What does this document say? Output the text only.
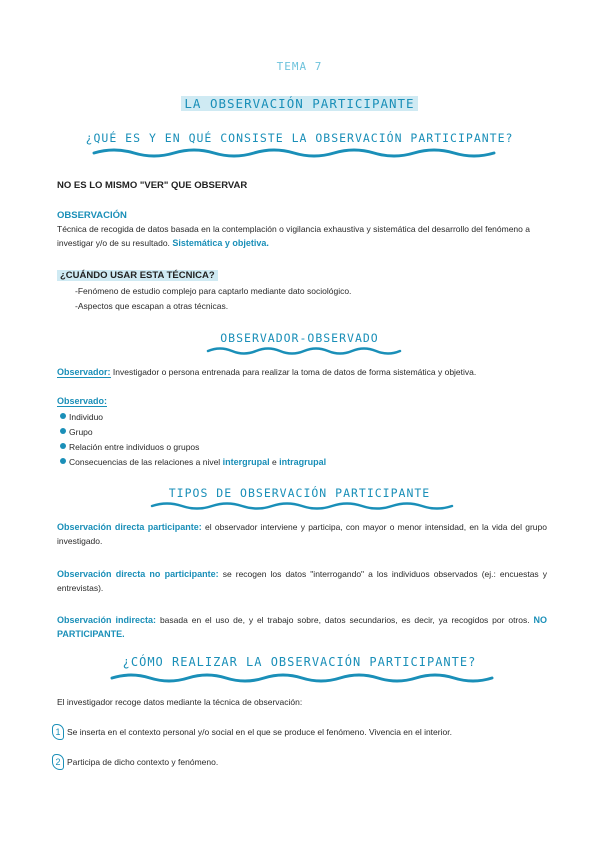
TEMA 7
LA OBSERVACIÓN PARTICIPANTE
¿QUÉ ES Y EN QUÉ CONSISTE LA OBSERVACIÓN PARTICIPANTE?
NO ES LO MISMO "VER" QUE OBSERVAR
OBSERVACIÓN
Técnica de recogida de datos basada en la contemplación o vigilancia exhaustiva y sistemática del desarrollo del fenómeno a investigar y/o de su resultado. Sistemática y objetiva.
¿CUÁNDO USAR ESTA TÉCNICA?
-Fenómeno de estudio complejo para captarlo mediante dato sociológico.
-Aspectos que escapan a otras técnicas.
OBSERVADOR-OBSERVADO
Observador: Investigador o persona entrenada para realizar la toma de datos de forma sistemática y objetiva.
Observado:
Individuo
Grupo
Relación entre individuos o grupos
Consecuencias de las relaciones a nivel intergrupal e intragrupal
TIPOS DE OBSERVACIÓN PARTICIPANTE
Observación directa participante: el observador interviene y participa, con mayor o menor intensidad, en la vida del grupo investigado.
Observación directa no participante: se recogen los datos "interrogando" a los individuos observados (ej.: encuestas y entrevistas).
Observación indirecta: basada en el uso de, y el trabajo sobre, datos secundarios, es decir, ya recogidos por otros. NO PARTICIPANTE.
¿CÓMO REALIZAR LA OBSERVACIÓN PARTICIPANTE?
El investigador recoge datos mediante la técnica de observación:
1 Se inserta en el contexto personal y/o social en el que se produce el fenómeno. Vivencia en el interior.
2 Participa de dicho contexto y fenómeno.
